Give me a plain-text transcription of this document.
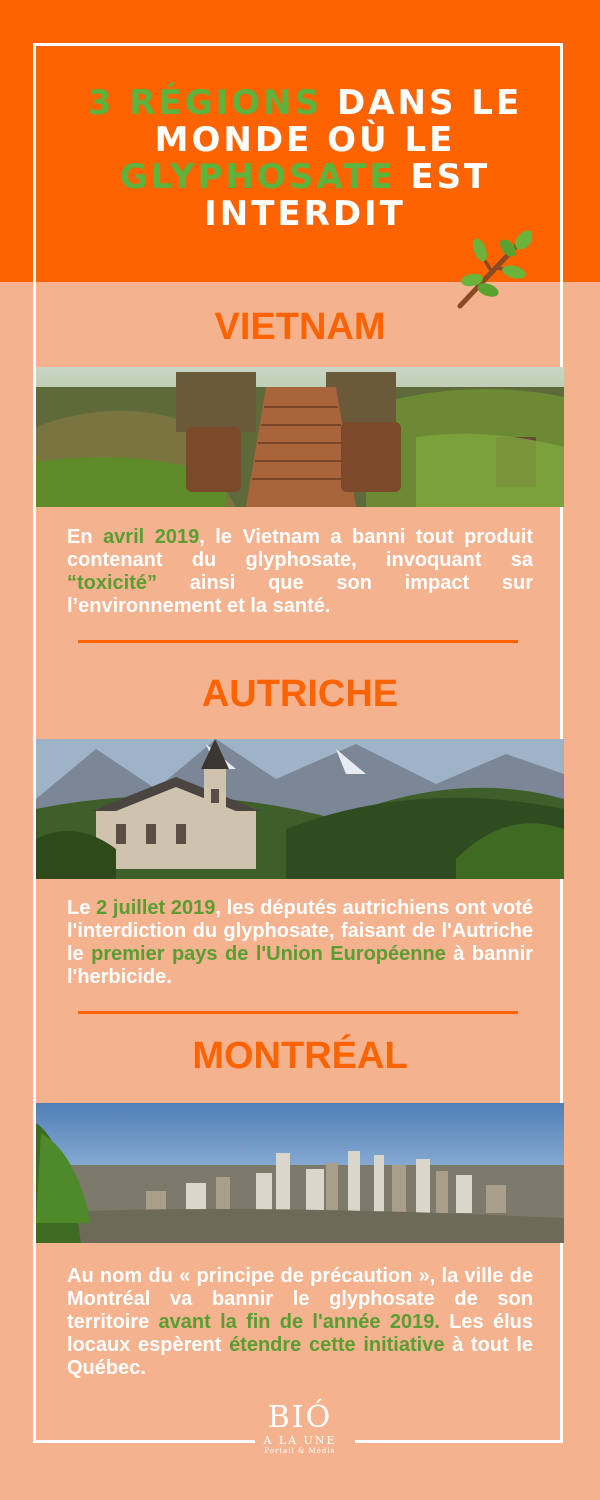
3 RÉGIONS DANS LE
MONDE OÙ LE
GLYPHOSATE EST
INTERDIT
VIETNAM
En avril 2019, le Vietnam a banni tout produit contenant du glyphosate, invoquant sa “toxicité” ainsi que son impact sur l’environnement et la santé.
AUTRICHE
Le 2 juillet 2019, les députés autrichiens ont voté l'interdiction du glyphosate, faisant de l'Autriche le premier pays de l'Union Européenne à bannir l'herbicide.
MONTRÉAL
Au nom du « principe de précaution », la ville de Montréal va bannir le glyphosate de son territoire avant la fin de l'année 2019. Les élus locaux espèrent étendre cette initiative à tout le Québec.
BIÓ
A LA UNE
Portail & Média
